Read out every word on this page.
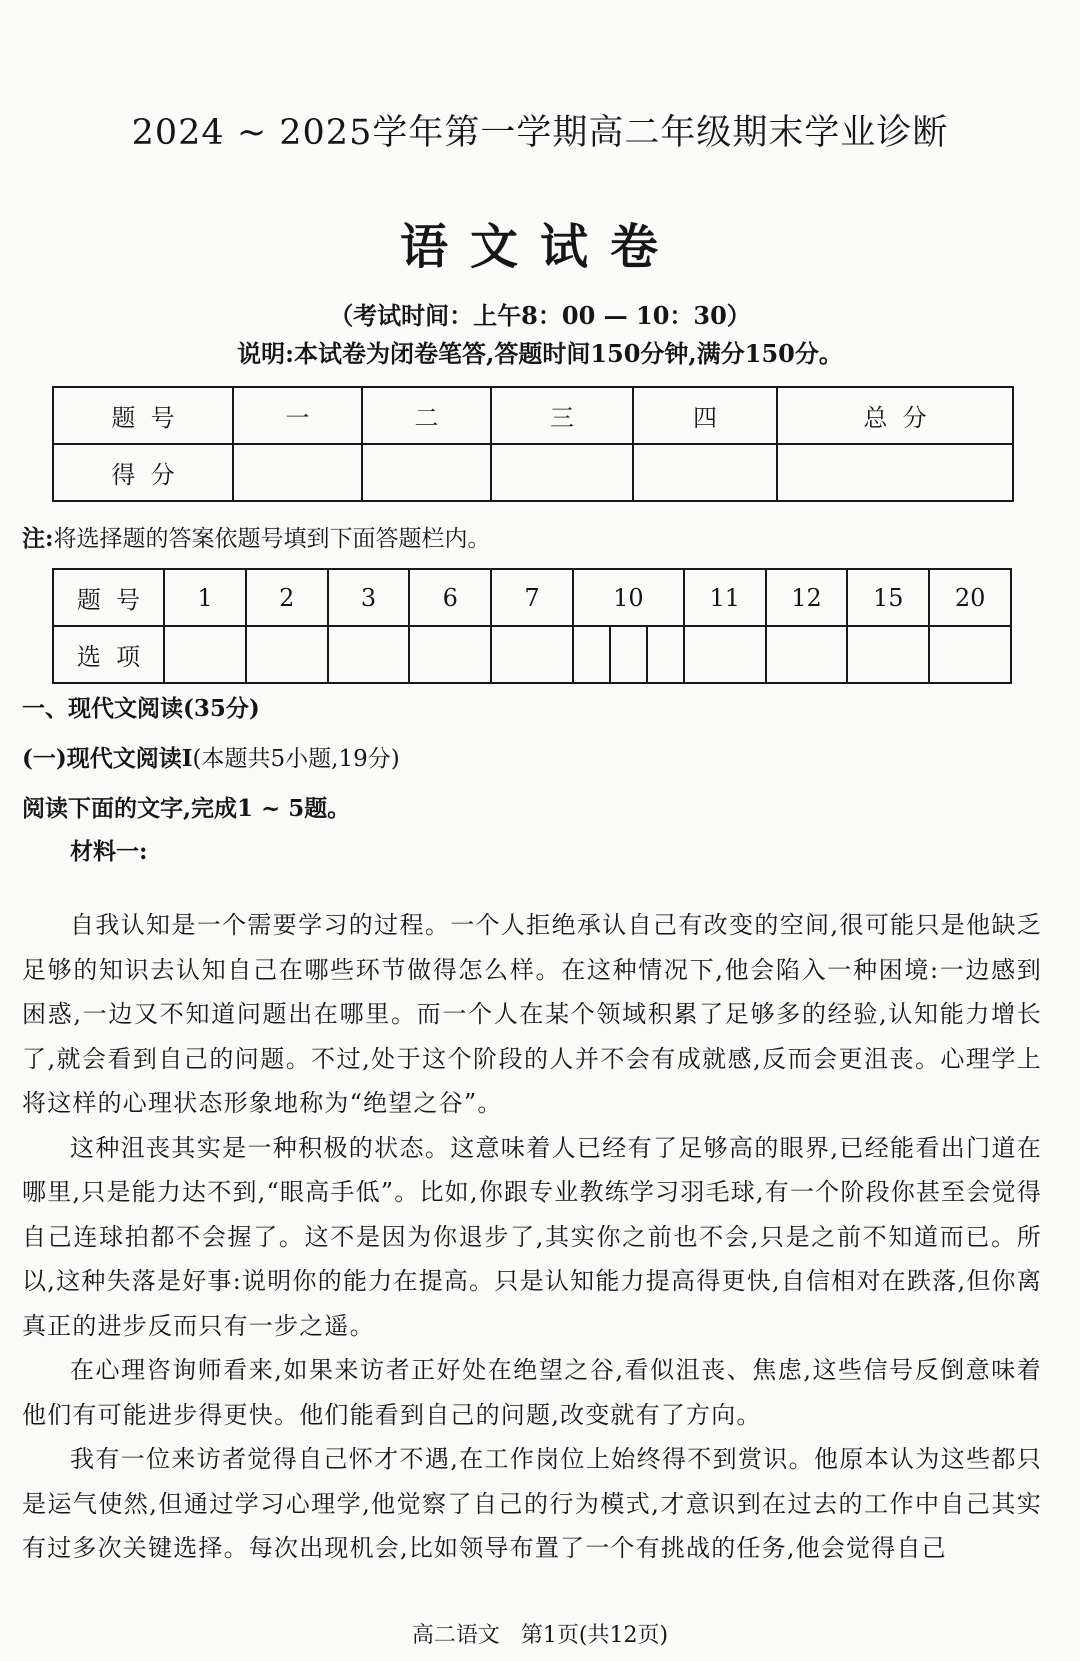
2024 ~ 2025学年第一学期高二年级期末学业诊断
语文试卷
（考试时间：上午8：00 — 10：30）
说明:本试卷为闭卷笔答,答题时间150分钟,满分150分。
题  号	一	二	三	四	总  分
得  分					
注:将选择题的答案依题号填到下面答题栏内。
题  号	1	2	3	6	7	10	11	12	15	20
选  项						

一、现代文阅读(35分)
(一)现代文阅读Ⅰ(本题共5小题,19分)
阅读下面的文字,完成1 ~ 5题。
材料一:

自我认知是一个需要学习的过程。一个人拒绝承认自己有改变的空间,很可能只是他缺乏足够的知识去认知自己在哪些环节做得怎么样。在这种情况下,他会陷入一种困境:一边感到困惑,一边又不知道问题出在哪里。而一个人在某个领域积累了足够多的经验,认知能力增长了,就会看到自己的问题。不过,处于这个阶段的人并不会有成就感,反而会更沮丧。心理学上将这样的心理状态形象地称为“绝望之谷”。

这种沮丧其实是一种积极的状态。这意味着人已经有了足够高的眼界,已经能看出门道在哪里,只是能力达不到,“眼高手低”。比如,你跟专业教练学习羽毛球,有一个阶段你甚至会觉得自己连球拍都不会握了。这不是因为你退步了,其实你之前也不会,只是之前不知道而已。所以,这种失落是好事:说明你的能力在提高。只是认知能力提高得更快,自信相对在跌落,但你离真正的进步反而只有一步之遥。

在心理咨询师看来,如果来访者正好处在绝望之谷,看似沮丧、焦虑,这些信号反倒意味着他们有可能进步得更快。他们能看到自己的问题,改变就有了方向。

我有一位来访者觉得自己怀才不遇,在工作岗位上始终得不到赏识。他原本认为这些都只是运气使然,但通过学习心理学,他觉察了自己的行为模式,才意识到在过去的工作中自己其实有过多次关键选择。每次出现机会,比如领导布置了一个有挑战的任务,他会觉得自己

高二语文   第1页(共12页)
